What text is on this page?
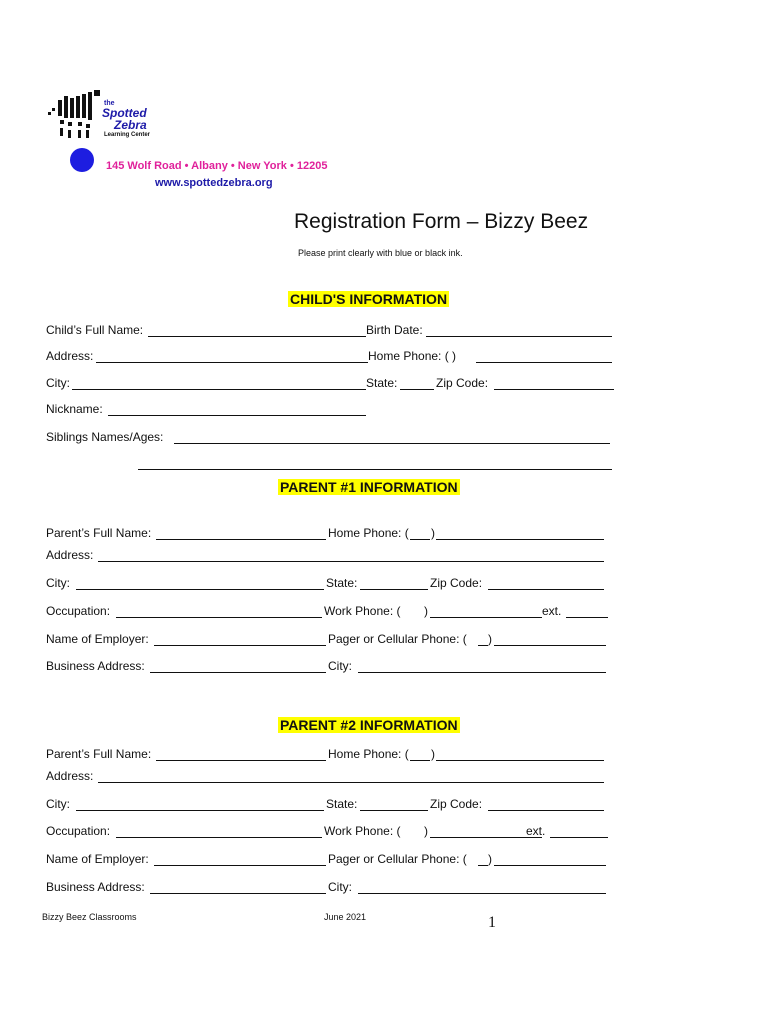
the
Spotted
Zebra
Learning Center
145 Wolf Road • Albany • New York • 12205
www.spottedzebra.org
Registration Form – Bizzy Beez
Please print clearly with blue or black ink.
CHILD'S INFORMATION
Child’s Full Name:	Birth Date:
Address:	Home Phone: ( )
City:	State:	Zip Code:
Nickname:
Siblings Names/Ages:
PARENT #1 INFORMATION
Parent’s Full Name:	Home Phone: ( )
Address:
City:	State:	Zip Code:
Occupation:	Work Phone: ( )	ext.
Name of Employer:	Pager or Cellular Phone: ( )
Business Address:	City:
PARENT #2 INFORMATION
Parent’s Full Name:	Home Phone: ( )
Address:
City:	State:	Zip Code:
Occupation:	Work Phone: ( )	ext.
Name of Employer:	Pager or Cellular Phone: ( )
Business Address:	City:
Bizzy Beez Classrooms	June 2021	1
